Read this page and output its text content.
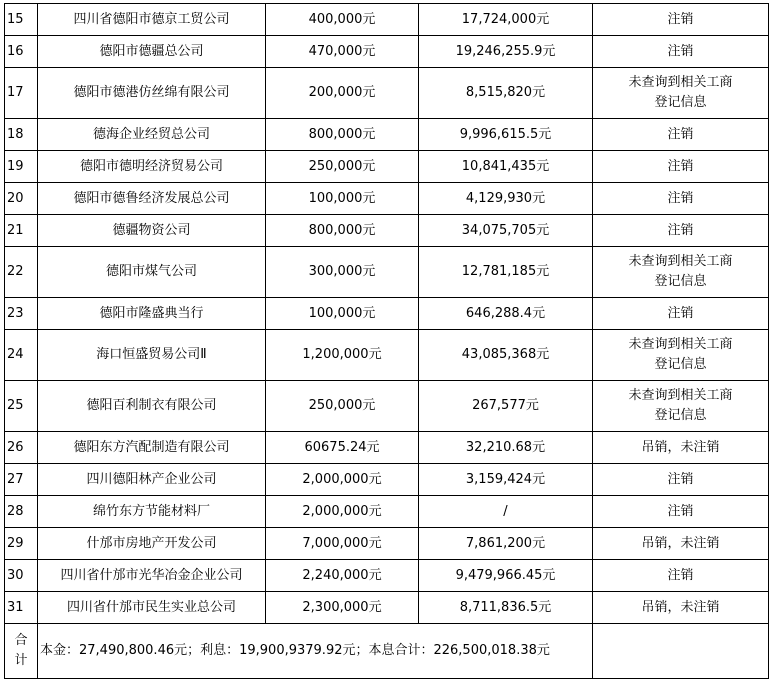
15	四川省德阳市德京工贸公司	400,000元	17,724,000元	注销
16	德阳市德疆总公司	470,000元	19,246,255.9元	注销
17	德阳市德港仿丝绵有限公司	200,000元	8,515,820元	未查询到相关工商
登记信息

18	德海企业经贸总公司	800,000元	9,996,615.5元	注销
19	德阳市德明经济贸易公司	250,000元	10,841,435元	注销
20	德阳市德鲁经济发展总公司	100,000元	4,129,930元	注销
21	德疆物资公司	800,000元	34,075,705元	注销
22	德阳市煤气公司	300,000元	12,781,185元	未查询到相关工商
登记信息

23	德阳市隆盛典当行	100,000元	646,288.4元	注销
24	海口恒盛贸易公司Ⅱ	1,200,000元	43,085,368元	未查询到相关工商
登记信息

25	德阳百利制衣有限公司	250,000元	267,577元	未查询到相关工商
登记信息

26	德阳东方汽配制造有限公司	60675.24元	32,210.68元	吊销，未注销
27	四川德阳林产企业公司	2,000,000元	3,159,424元	注销
28	绵竹东方节能材料厂	2,000,000元	/	注销
29	什邡市房地产开发公司	7,000,000元	7,861,200元	吊销，未注销
30	四川省什邡市光华冶金企业公司	2,240,000元	9,479,966.45元	注销
31	四川省什邡市民生实业总公司	2,300,000元	8,711,836.5元	吊销，未注销

合
计	本金：27,490,800.46元；利息：19,900,9379.92元；本息合计：226,500,018.38元			
